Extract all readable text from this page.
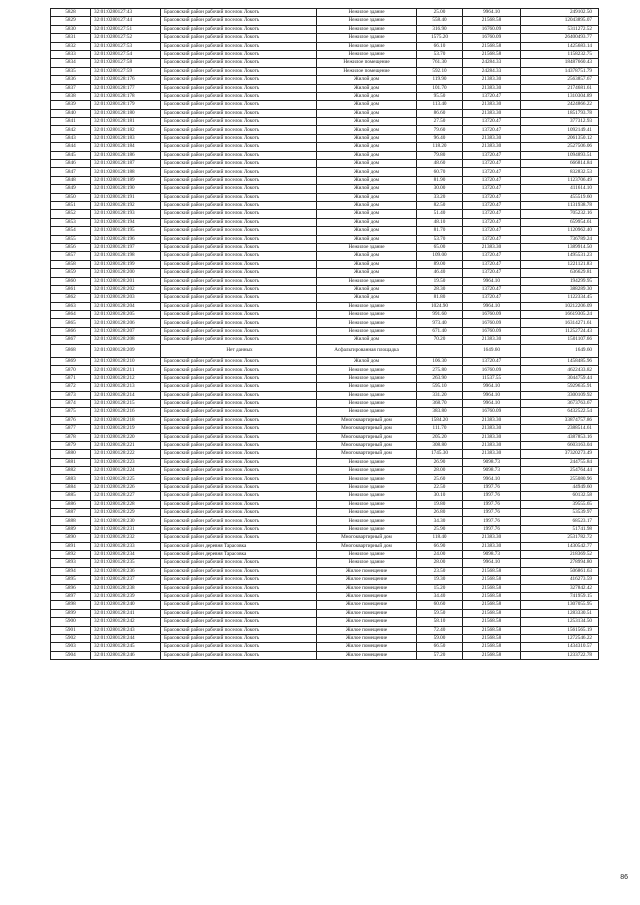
5828	32:01:0280127:43	Брасовский район рабочий поселок Локоть	Нежилое здание	25.00	9964.10	249102.50
5829	32:01:0280127:44	Брасовский район рабочий поселок Локоть	Нежилое здание	558.40	21568.58	12043895.07
5830	32:01:0280127:51	Брасовский район рабочий поселок Локоть	Нежилое здание	316.90	16760.09	5311272.52
5831	32:01:0280127:52	Брасовский район рабочий поселок Локоть	Нежилое здание	1575.20	16760.09	26400493.77
5832	32:01:0280127:53	Брасовский район рабочий поселок Локоть	Нежилое здание	66.10	21568.58	1425683.14
5833	32:01:0280127:54	Брасовский район рабочий поселок Локоть	Нежилое здание	53.70	21568.58	1158232.75
5834	32:01:0280127:58	Брасовский район рабочий поселок Локоть	Нежилое помещение	761.30	24284.33	18487660.43
5835	32:01:0280127:59	Брасовский район рабочий поселок Локоть	Нежилое помещение	592.10	24284.33	14378751.79
5836	32:01:0280128:176	Брасовский район рабочий поселок Локоть	Жилой дом	119.90	21383.30	2563857.67
5837	32:01:0280128:177	Брасовский район рабочий поселок Локоть	Жилой дом	101.70	21383.30	2174681.61
5838	32:01:0280128:178	Брасовский район рабочий поселок Локоть	Жилой дом	95.50	13720.47	1310304.89
5839	32:01:0280128:179	Брасовский район рабочий поселок Локоть	Жилой дом	113.40	21383.30	2424866.22
5840	32:01:0280128:180	Брасовский район рабочий поселок Локоть	Жилой дом	86.60	21383.30	1851793.78
5841	32:01:0280128:181	Брасовский район рабочий поселок Локоть	Жилой дом	27.50	13720.47	377312.93
5842	32:01:0280128:182	Брасовский район рабочий поселок Локоть	Жилой дом	79.60	13720.47	1092149.41
5843	32:01:0280128:183	Брасовский район рабочий поселок Локоть	Жилой дом	96.40	21383.30	2061350.12
5844	32:01:0280128:184	Брасовский район рабочий поселок Локоть	Жилой дом	118.20	21383.30	2527506.06
5845	32:01:0280128:186	Брасовский район рабочий поселок Локоть	Жилой дом	79.80	13720.47	1094893.51
5846	32:01:0280128:187	Брасовский район рабочий поселок Локоть	Жилой дом	48.60	13720.47	666814.84
5847	32:01:0280128:188	Брасовский район рабочий поселок Локоть	Жилой дом	60.70	13720.47	832832.53
5848	32:01:0280128:189	Брасовский район рабочий поселок Локоть	Жилой дом	81.90	13720.47	1123706.49
5849	32:01:0280128:190	Брасовский район рабочий поселок Локоть	Жилой дом	30.00	13720.47	411614.10
5850	32:01:0280128:191	Брасовский район рабочий поселок Локоть	Жилой дом	33.20	13720.47	455519.60
5851	32:01:0280128:192	Брасовский район рабочий поселок Локоть	Жилой дом	82.50	13720.47	1131938.78
5852	32:01:0280128:193	Брасовский район рабочий поселок Локоть	Жилой дом	51.40	13720.47	705232.16
5853	32:01:0280128:194	Брасовский район рабочий поселок Локоть	Жилой дом	48.10	13720.47	659954.61
5854	32:01:0280128:195	Брасовский район рабочий поселок Локоть	Жилой дом	81.70	13720.47	1120962.40
5855	32:01:0280128:196	Брасовский район рабочий поселок Локоть	Жилой дом	53.70	13720.47	736789.24
5856	32:01:0280128:197	Брасовский район рабочий поселок Локоть	Нежилое здание	65.00	21383.30	1389914.50
5857	32:01:0280128:198	Брасовский район рабочий поселок Локоть	Жилой дом	109.00	13720.47	1495531.23
5858	32:01:0280128:199	Брасовский район рабочий поселок Локоть	Жилой дом	89.00	13720.47	1221121.83
5859	32:01:0280128:200	Брасовский район рабочий поселок Локоть	Жилой дом	46.40	13720.47	636629.81
5860	32:01:0280128:201	Брасовский район рабочий поселок Локоть	Нежилое здание	19.50	9964.10	194299.95
5861	32:01:0280128:202	Брасовский район рабочий поселок Локоть	Жилой дом	28.30	13720.47	388289.30
5862	32:01:0280128:203	Брасовский район рабочий поселок Локоть	Жилой дом	81.80	13720.47	1122334.45
5863	32:01:0280128:204	Брасовский район рабочий поселок Локоть	Нежилое здание	1024.90	9964.10	10212206.09
5864	32:01:0280128:205	Брасовский район рабочий поселок Локоть	Нежилое здание	991.60	16760.09	16619305.24
5865	32:01:0280128:206	Брасовский район рабочий поселок Локоть	Нежилое здание	973.40	16760.09	16314271.61
5866	32:01:0280128:207	Брасовский район рабочий поселок Локоть	Нежилое здание	671.40	16760.09	11252724.43
5867	32:01:0280128:208	Брасовский район рабочий поселок Локоть	Жилой дом	70.20	21383.30	1501107.66
5868	32:01:0280128:209	Нет данных	Асфальтированная площадка		1649.60	1649.60
5869	32:01:0280128:210	Брасовский район рабочий поселок Локоть	Жилой дом	106.30	13720.47	1458485.96
5870	32:01:0280128:211	Брасовский район рабочий поселок Локоть	Нежилое здание	275.80	16760.09	4622433.82
5871	32:01:0280128:212	Брасовский район рабочий поселок Локоть	Нежилое здание	263.90	11537.55	3044759.44
5872	32:01:0280128:213	Брасовский район рабочий поселок Локоть	Нежилое здание	595.10	9964.10	5929635.91
5873	32:01:0280128:214	Брасовский район рабочий поселок Локоть	Нежилое здание	331.20	9964.10	3300109.92
5874	32:01:0280128:215	Брасовский район рабочий поселок Локоть	Нежилое здание	368.70	9964.10	3673763.67
5875	32:01:0280128:216	Брасовский район рабочий поселок Локоть	Нежилое здание	383.80	16760.09	6432522.54
5876	32:01:0280128:218	Брасовский район рабочий поселок Локоть	Многоквартирный дом	1584.20	21383.30	33874757.86
5877	32:01:0280128:219	Брасовский район рабочий поселок Локоть	Многоквартирный дом	111.70	21383.30	2388514.61
5878	32:01:0280128:220	Брасовский район рабочий поселок Локоть	Многоквартирный дом	205.20	21383.30	4387853.16
5879	32:01:0280128:221	Брасовский район рабочий поселок Локоть	Многоквартирный дом	308.80	21383.30	6603163.04
5880	32:01:0280128:222	Брасовский район рабочий поселок Локоть	Многоквартирный дом	1745.30	21383.30	37320273.49
5881	32:01:0280128:223	Брасовский район рабочий поселок Локоть	Нежилое здание	26.90	9098.73	244755.84
5882	32:01:0280128:224	Брасовский район рабочий поселок Локоть	Нежилое здание	28.00	9098.73	254764.44
5883	32:01:0280128:225	Брасовский район рабочий поселок Локоть	Нежилое здание	25.60	9964.10	255080.96
5884	32:01:0280128:226	Брасовский район рабочий поселок Локоть	Нежилое здание	22.50	1997.76	44949.60
5885	32:01:0280128:227	Брасовский район рабочий поселок Локоть	Нежилое здание	30.10	1997.76	60132.58
5886	32:01:0280128:228	Брасовский район рабочий поселок Локоть	Нежилое здание	19.80	1997.76	39555.65
5887	32:01:0280128:229	Брасовский район рабочий поселок Локоть	Нежилое здание	26.80	1997.76	53539.97
5888	32:01:0280128:230	Брасовский район рабочий поселок Локоть	Нежилое здание	34.30	1997.76	68523.17
5889	32:01:0280128:231	Брасовский район рабочий поселок Локоть	Нежилое здание	25.90	1997.76	51741.98
5890	32:01:0280128:232	Брасовский район рабочий поселок Локоть	Многоквартирный дом	118.40	21383.30	2531782.72
5891	32:01:0280128:233	Брасовский район деревня Тарасовка	Многоквартирный дом	66.90	21383.30	1430542.77
5892	32:01:0280128:234	Брасовский район деревня Тарасовка	Нежилое здание	24.00	9098.73	218369.52
5893	32:01:0280128:235	Брасовский район рабочий поселок Локоть	Нежилое здание	28.00	9964.10	278994.80
5894	32:01:0280128:236	Брасовский район рабочий поселок Локоть	Жилое помещение	23.50	21568.58	506861.63
5895	32:01:0280128:237	Брасовский район рабочий поселок Локоть	Жилое помещение	19.30	21568.58	416273.59
5896	32:01:0280128:238	Брасовский район рабочий поселок Локоть	Жилое помещение	15.20	21568.58	327842.42
5897	32:01:0280128:239	Брасовский район рабочий поселок Локоть	Жилое помещение	34.40	21568.58	741959.15
5898	32:01:0280128:240	Брасовский район рабочий поселок Локоть	Жилое помещение	60.60	21568.58	1307055.95
5899	32:01:0280128:241	Брасовский район рабочий поселок Локоть	Жилое помещение	59.50	21568.58	1283330.51
5900	32:01:0280128:242	Брасовский район рабочий поселок Локоть	Жилое помещение	58.10	21568.58	1253134.50
5901	32:01:0280128:243	Брасовский район рабочий поселок Локоть	Жилое помещение	72.40	21568.58	1561565.19
5902	32:01:0280128:244	Брасовский район рабочий поселок Локоть	Жилое помещение	59.00	21568.58	1272546.22
5903	32:01:0280128:245	Брасовский район рабочий поселок Локоть	Жилое помещение	66.50	21568.58	1434310.57
5904	32:01:0280128:246	Брасовский район рабочий поселок Локоть	Жилое помещение	57.20	21568.58	1233722.78
86
